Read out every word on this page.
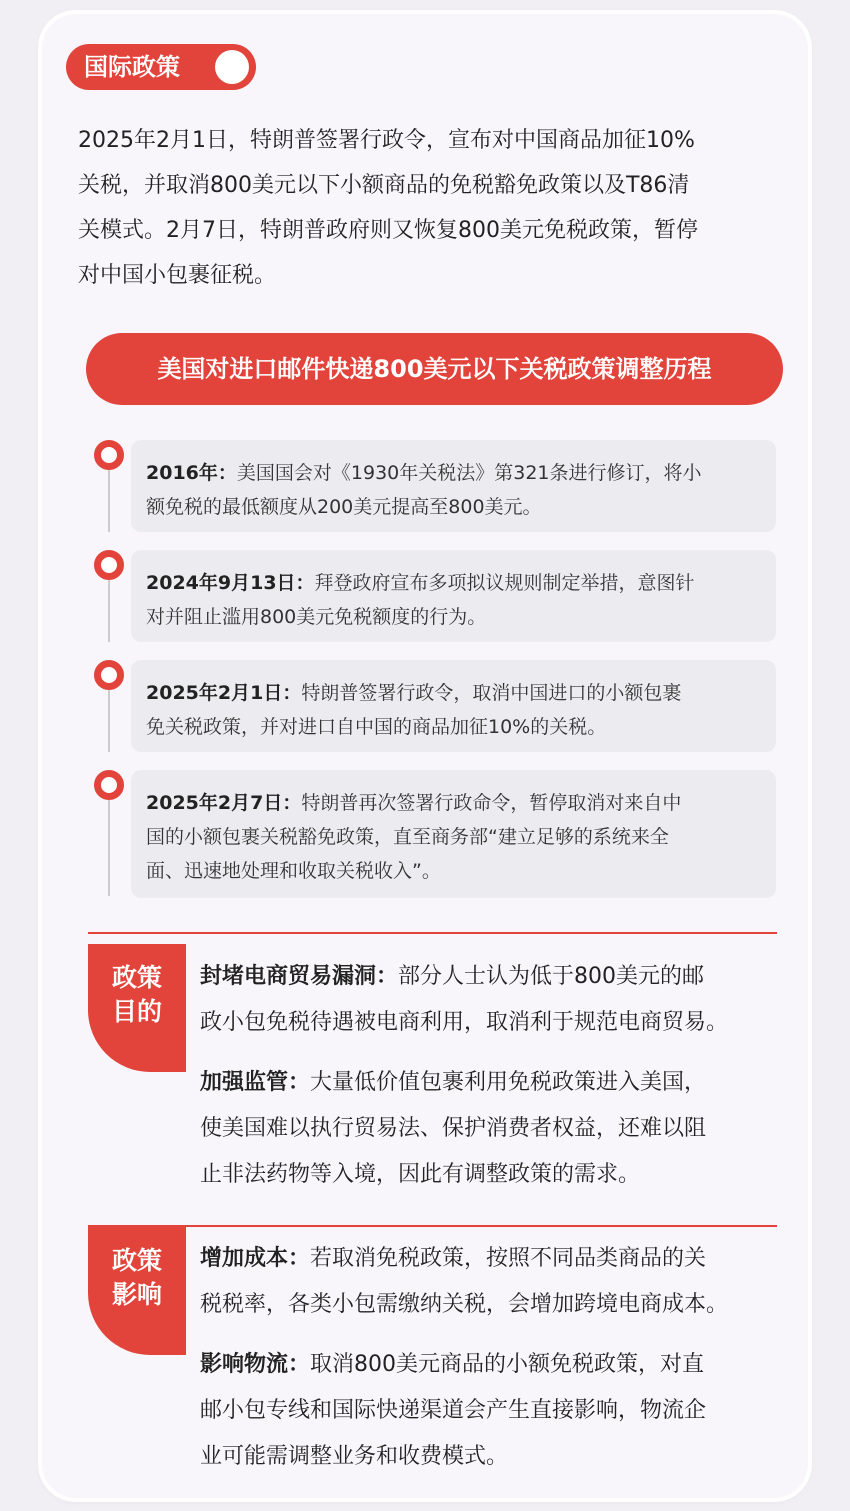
国际政策

2025年2月1日，特朗普签署行政令，宣布对中国商品加征10%

关税，并取消800美元以下小额商品的免税豁免政策以及T86清

关模式。2月7日，特朗普政府则又恢复800美元免税政策，暂停

对中国小包裹征税。

美国对进口邮件快递800美元以下关税政策调整历程

2016年：美国国会对《1930年关税法》第321条进行修订，将小

额免税的最低额度从200美元提高至800美元。

2024年9月13日：拜登政府宣布多项拟议规则制定举措，意图针

对并阻止滥用800美元免税额度的行为。

2025年2月1日：特朗普签署行政令，取消中国进口的小额包裹

免关税政策，并对进口自中国的商品加征10%的关税。

2025年2月7日：特朗普再次签署行政命令，暂停取消对来自中

国的小额包裹关税豁免政策，直至商务部“建立足够的系统来全

面、迅速地处理和收取关税收入”。

政策
目的

封堵电商贸易漏洞：部分人士认为低于800美元的邮

政小包免税待遇被电商利用，取消利于规范电商贸易。

加强监管：大量低价值包裹利用免税政策进入美国，

使美国难以执行贸易法、保护消费者权益，还难以阻

止非法药物等入境，因此有调整政策的需求。

政策
影响

增加成本：若取消免税政策，按照不同品类商品的关

税税率，各类小包需缴纳关税，会增加跨境电商成本。

影响物流：取消800美元商品的小额免税政策，对直

邮小包专线和国际快递渠道会产生直接影响，物流企

业可能需调整业务和收费模式。
